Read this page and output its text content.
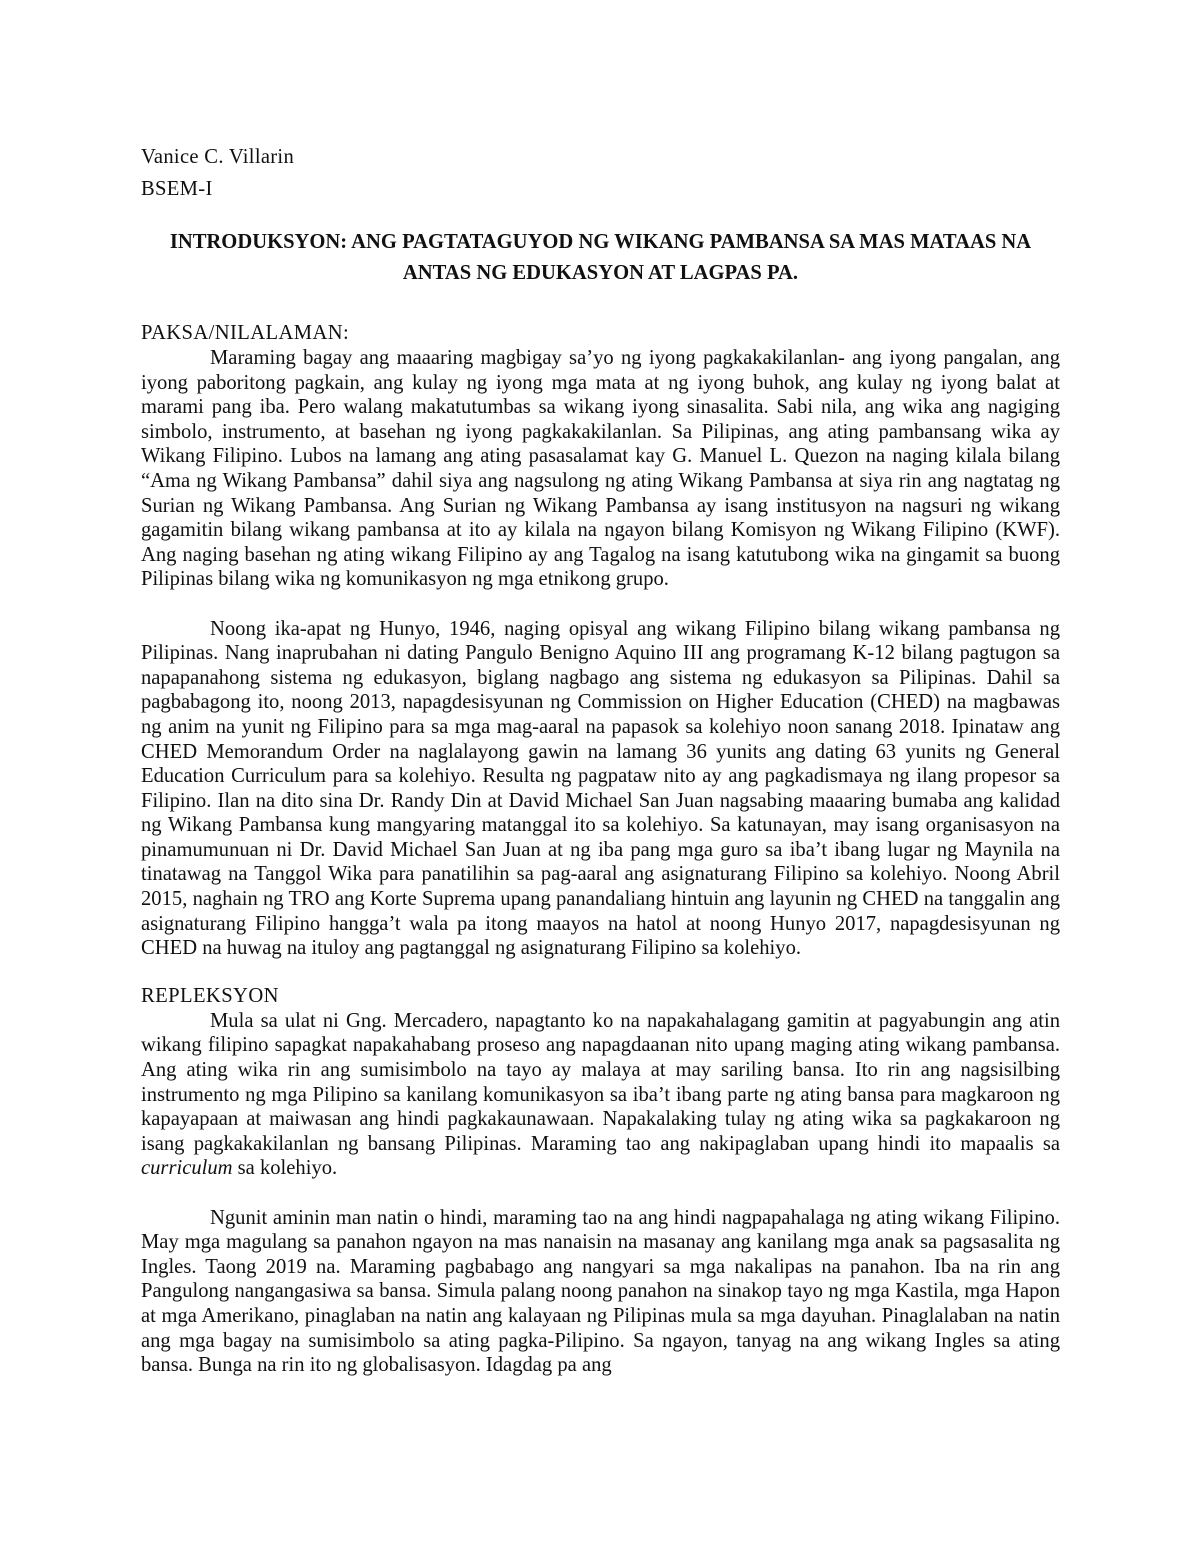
Vanice C. Villarin

BSEM-I

INTRODUKSYON: ANG PAGTATAGUYOD NG WIKANG PAMBANSA SA MAS MATAAS NA ANTAS NG EDUKASYON AT LAGPAS PA.

PAKSA/NILALAMAN:

Maraming bagay ang maaaring magbigay sa’yo ng iyong pagkakakilanlan- ang iyong pangalan, ang iyong paboritong pagkain, ang kulay ng iyong mga mata at ng iyong buhok, ang kulay ng iyong balat at marami pang iba. Pero walang makatutumbas sa wikang iyong sinasalita. Sabi nila, ang wika ang nagiging simbolo, instrumento, at basehan ng iyong pagkakakilanlan. Sa Pilipinas, ang ating pambansang wika ay Wikang Filipino. Lubos na lamang ang ating pasasalamat kay G. Manuel L. Quezon na naging kilala bilang “Ama ng Wikang Pambansa” dahil siya ang nagsulong ng ating Wikang Pambansa at siya rin ang nagtatag ng Surian ng Wikang Pambansa. Ang Surian ng Wikang Pambansa ay isang institusyon na nagsuri ng wikang gagamitin bilang wikang pambansa at ito ay kilala na ngayon bilang Komisyon ng Wikang Filipino (KWF). Ang naging basehan ng ating wikang Filipino ay ang Tagalog na isang katutubong wika na gingamit sa buong Pilipinas bilang wika ng komunikasyon ng mga etnikong grupo.

Noong ika-apat ng Hunyo, 1946, naging opisyal ang wikang Filipino bilang wikang pambansa ng Pilipinas. Nang inaprubahan ni dating Pangulo Benigno Aquino III ang programang K-12 bilang pagtugon sa napapanahong sistema ng edukasyon, biglang nagbago ang sistema ng edukasyon sa Pilipinas. Dahil sa pagbabagong ito, noong 2013, napagdesisyunan ng Commission on Higher Education (CHED) na magbawas ng anim na yunit ng Filipino para sa mga mag-aaral na papasok sa kolehiyo noon sanang 2018. Ipinataw ang CHED Memorandum Order na naglalayong gawin na lamang 36 yunits ang dating 63 yunits ng General Education Curriculum para sa kolehiyo. Resulta ng pagpataw nito ay ang pagkadismaya ng ilang propesor sa Filipino. Ilan na dito sina Dr. Randy Din at David Michael San Juan nagsabing maaaring bumaba ang kalidad ng Wikang Pambansa kung mangyaring matanggal ito sa kolehiyo. Sa katunayan, may isang organisasyon na pinamumunuan ni Dr. David Michael San Juan at ng iba pang mga guro sa iba’t ibang lugar ng Maynila na tinatawag na Tanggol Wika para panatilihin sa pag-aaral ang asignaturang Filipino sa kolehiyo. Noong Abril 2015, naghain ng TRO ang Korte Suprema upang panandaliang hintuin ang layunin ng CHED na tanggalin ang asignaturang Filipino hangga’t wala pa itong maayos na hatol at noong Hunyo 2017, napagdesisyunan ng CHED na huwag na ituloy ang pagtanggal ng asignaturang Filipino sa kolehiyo.

REPLEKSYON

Mula sa ulat ni Gng. Mercadero, napagtanto ko na napakahalagang gamitin at pagyabungin ang atin wikang filipino sapagkat napakahabang proseso ang napagdaanan nito upang maging ating wikang pambansa. Ang ating wika rin ang sumisimbolo na tayo ay malaya at may sariling bansa. Ito rin ang nagsisilbing instrumento ng mga Pilipino sa kanilang komunikasyon sa iba’t ibang parte ng ating bansa para magkaroon ng kapayapaan at maiwasan ang hindi pagkakaunawaan. Napakalaking tulay ng ating wika sa pagkakaroon ng isang pagkakakilanlan ng bansang Pilipinas. Maraming tao ang nakipaglaban upang hindi ito mapaalis sa curriculum sa kolehiyo.

Ngunit aminin man natin o hindi, maraming tao na ang hindi nagpapahalaga ng ating wikang Filipino. May mga magulang sa panahon ngayon na mas nanaisin na masanay ang kanilang mga anak sa pagsasalita ng Ingles. Taong 2019 na. Maraming pagbabago ang nangyari sa mga nakalipas na panahon. Iba na rin ang Pangulong nangangasiwa sa bansa. Simula palang noong panahon na sinakop tayo ng mga Kastila, mga Hapon at mga Amerikano, pinaglaban na natin ang kalayaan ng Pilipinas mula sa mga dayuhan. Pinaglalaban na natin ang mga bagay na sumisimbolo sa ating pagka-Pilipino. Sa ngayon, tanyag na ang wikang Ingles sa ating bansa. Bunga na rin ito ng globalisasyon. Idagdag pa ang
